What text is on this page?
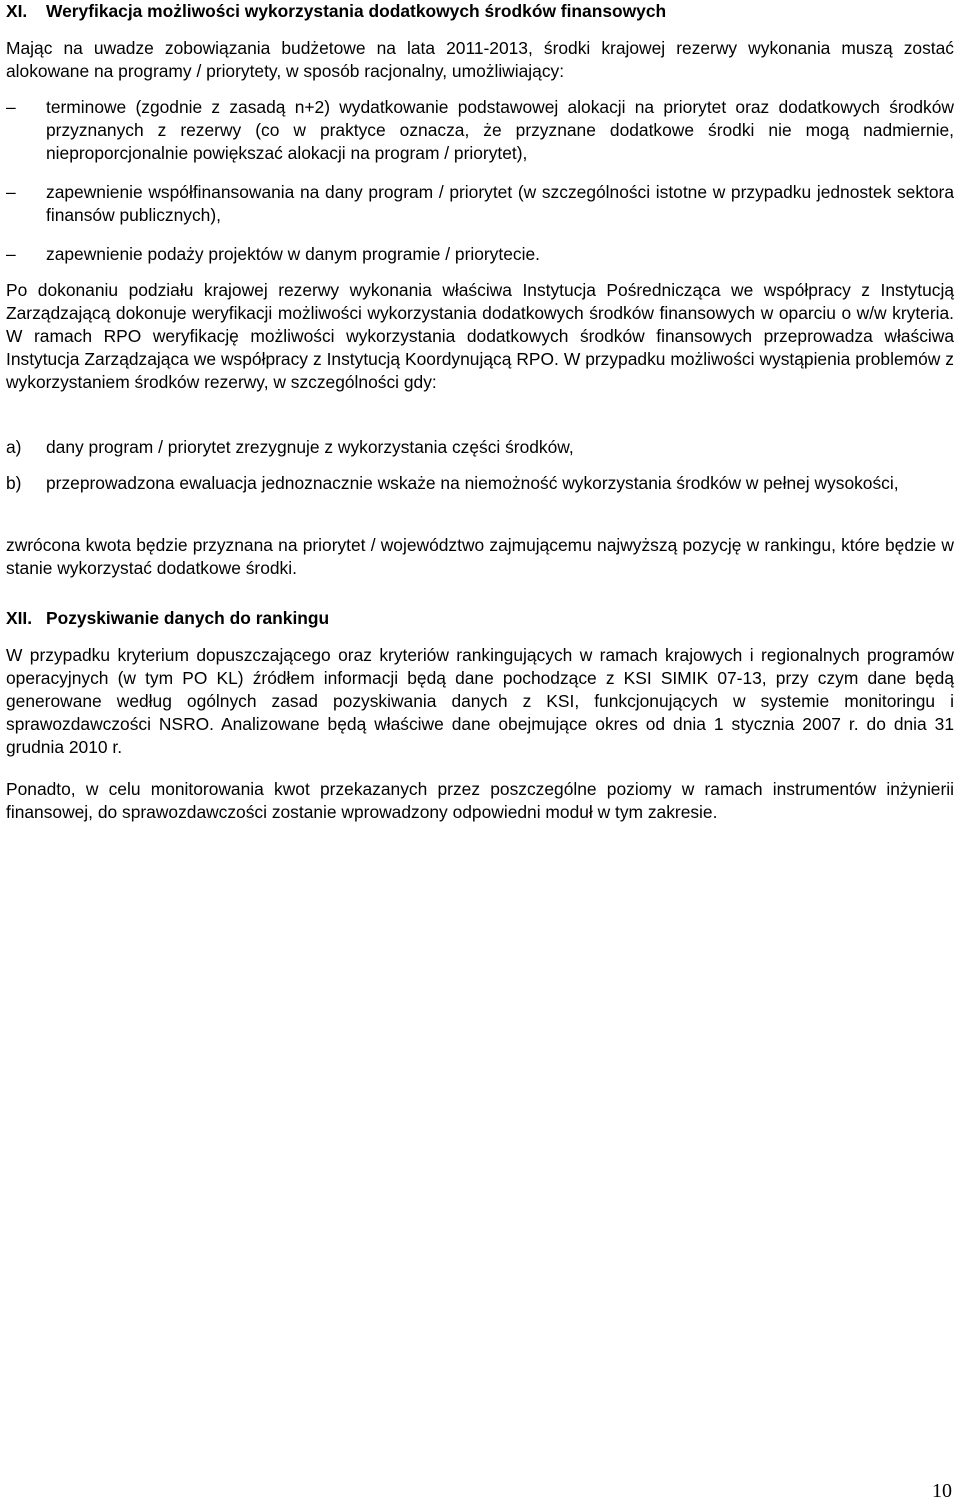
XI.	Weryfikacja możliwości wykorzystania dodatkowych środków finansowych

Mając na uwadze zobowiązania budżetowe na lata 2011-2013, środki krajowej rezerwy wykonania muszą zostać alokowane na programy / priorytety, w sposób racjonalny, umożliwiający:

–	terminowe (zgodnie z zasadą n+2) wydatkowanie podstawowej alokacji na priorytet oraz dodatkowych środków przyznanych z rezerwy (co w praktyce oznacza, że przyznane dodatkowe środki nie mogą nadmiernie, nieproporcjonalnie powiększać alokacji na program / priorytet),
–	zapewnienie współfinansowania na dany program / priorytet (w szczególności istotne w przypadku jednostek sektora finansów publicznych),
–	zapewnienie podaży projektów w danym programie / priorytecie.

Po dokonaniu podziału krajowej rezerwy wykonania właściwa Instytucja Pośrednicząca we współpracy z Instytucją Zarządzającą dokonuje weryfikacji możliwości wykorzystania dodatkowych środków finansowych w oparciu o w/w kryteria. W ramach RPO weryfikację możliwości wykorzystania dodatkowych środków finansowych przeprowadza właściwa Instytucja Zarządzająca we współpracy z Instytucją Koordynującą RPO. W przypadku możliwości wystąpienia problemów z wykorzystaniem środków rezerwy, w szczególności gdy:

a)	dany program / priorytet zrezygnuje z wykorzystania części środków,
b)	przeprowadzona ewaluacja jednoznacznie wskaże na niemożność wykorzystania środków w pełnej wysokości,

zwrócona kwota będzie przyznana na priorytet / województwo zajmującemu najwyższą pozycję w rankingu, które będzie w stanie wykorzystać dodatkowe środki.

XII. Pozyskiwanie danych do rankingu

W przypadku kryterium dopuszczającego oraz kryteriów rankingujących w ramach krajowych i regionalnych programów operacyjnych (w tym PO KL) źródłem informacji będą dane pochodzące z KSI SIMIK 07-13, przy czym dane będą generowane według ogólnych zasad pozyskiwania danych z KSI, funkcjonujących w systemie monitoringu i sprawozdawczości NSRO. Analizowane będą właściwe dane obejmujące okres od dnia 1 stycznia 2007 r. do dnia 31 grudnia 2010 r.

Ponadto, w celu monitorowania kwot przekazanych przez poszczególne poziomy w ramach instrumentów inżynierii finansowej, do sprawozdawczości zostanie wprowadzony odpowiedni moduł w tym zakresie.

10
